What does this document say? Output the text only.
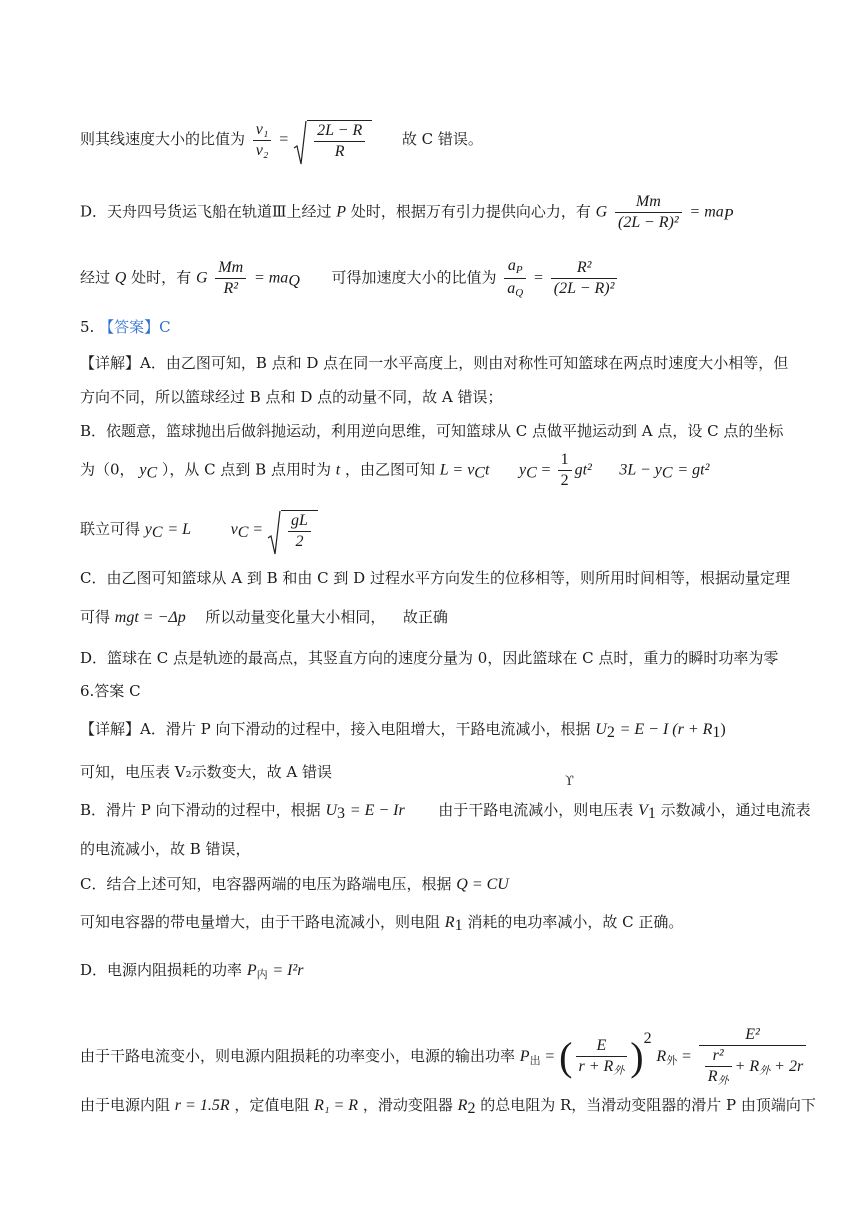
则其线速度大小的比值为 $\frac{\text{v₁}}{\text{v₂}} = \frac{2L - R}{R}$ 故 C 错误。
D．天舟四号货运飞船在轨道Ⅲ上经过 P 处时，根据万有引力提供向心力，有 G $\frac{Mm}{\text{(2L − R)²}} = ma_P$
经过 Q 处时，有 G $\frac{Mm}{\text{R²}} = ma_Q$ 可得加速度大小的比值为 $\frac{a_P}{a_Q} = \frac{\text{R²}}{\text{(2L − R)²}}$
5. 【答案】C
【详解】A．由乙图可知，B 点和 D 点在同一水平高度上，则由对称性可知篮球在两点时速度大小相等，但
方向不同，所以篮球经过 B 点和 D 点的动量不同，故 A 错误；
B．依题意，篮球抛出后做斜抛运动，利用逆向思维，可知篮球从 C 点做平抛运动到 A 点，设 C 点的坐标
为（0， $y_C$ ），从 C 点到 B 点用时为 t ，由乙图可知 $L = v_Ct$ $y_C = \frac{1}{2} gt^2$ $3L - y_C = gt^2$
联立可得 $y_C = L$ $v_C = \frac{gL}{2}$
C．由乙图可知篮球从 A 到 B 和由 C 到 D 过程水平方向发生的位移相等，则所用时间相等，根据动量定理
可得 mgt = −Δp 所以动量变化量大小相同， 故正确
D．篮球在 C 点是轨迹的最高点，其竖直方向的速度分量为 0，因此篮球在 C 点时，重力的瞬时功率为零
6.答案 C
【详解】A．滑片 P 向下滑动的过程中，接入电阻增大，干路电流减小，根据 $U_2 = E - I$ $(r + R_1)$
可知，电压表 V₂示数变大，故 A 错误
ϒ
B．滑片 P 向下滑动的过程中，根据 $U_3 = E - Ir$ 由于干路电流减小，则电压表 $V_1$ 示数减小，通过电流表
的电流减小，故 B 错误，
C．结合上述可知，电容器两端的电压为路端电压，根据 Q = CU
可知电容器的带电量增大，由于干路电流减小，则电阻 $R_1$ 消耗的电功率减小，故 C 正确。
D．电源内阻损耗的功率 $P_内 = I^2r$
由于干路电流变小，则电源内阻损耗的功率变小，电源的输出功率 $P_出$ = ( $\frac{E}{r + R_外} )^2$ $R_外 = \frac{\text{E²}}{\frac{\text{r²}}{R_外} + R_外 + 2r}$
由于电源内阻 r = 1.5R ，定值电阻 R₁ = R ，滑动变阻器 $R_2$ 的总电阻为 R，当滑动变阻器的滑片 P 由顶端向下
